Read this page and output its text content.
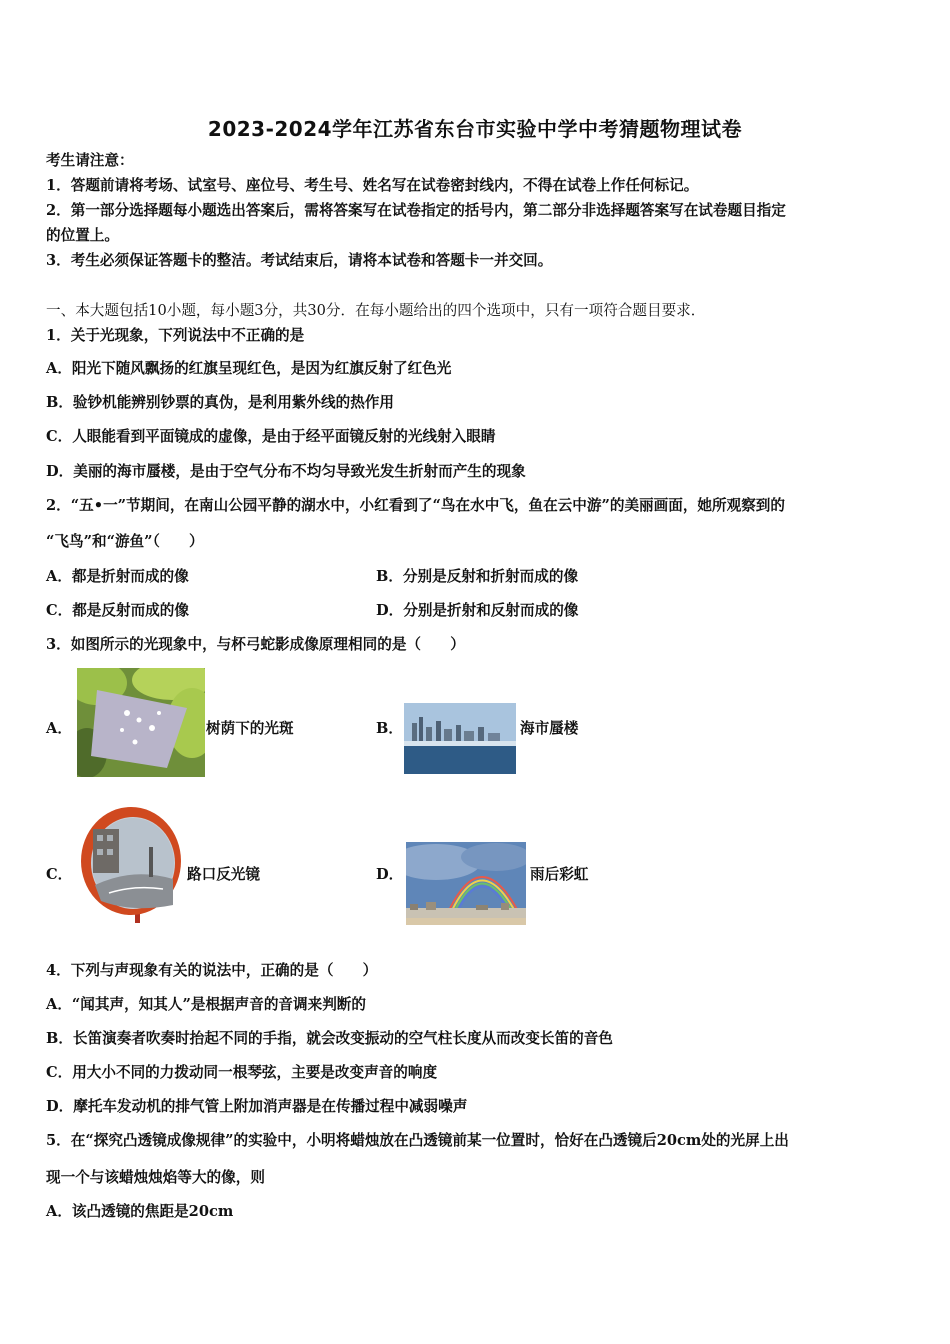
2023-2024学年江苏省东台市实验中学中考猜题物理试卷
考生请注意：
1．答题前请将考场、试室号、座位号、考生号、姓名写在试卷密封线内，不得在试卷上作任何标记。
2．第一部分选择题每小题选出答案后，需将答案写在试卷指定的括号内，第二部分非选择题答案写在试卷题目指定
的位置上。
3．考生必须保证答题卡的整洁。考试结束后，请将本试卷和答题卡一并交回。
一、本大题包括10小题，每小题3分，共30分．在每小题给出的四个选项中，只有一项符合题目要求．
1．关于光现象，下列说法中不正确的是
A．阳光下随风飘扬的红旗呈现红色，是因为红旗反射了红色光
B．验钞机能辨别钞票的真伪，是利用紫外线的热作用
C．人眼能看到平面镜成的虚像，是由于经平面镜反射的光线射入眼睛
D．美丽的海市蜃楼，是由于空气分布不均匀导致光发生折射而产生的现象
2．“五•一”节期间，在南山公园平静的湖水中，小红看到了“鸟在水中飞，鱼在云中游”的美丽画面，她所观察到的
“飞鸟”和“游鱼”（　　）
A．都是折射而成的像	B．分别是反射和折射而成的像
C．都是反射而成的像	D．分别是折射和反射而成的像
3．如图所示的光现象中，与杯弓蛇影成像原理相同的是（　　）
A．	树荫下的光斑	B．	海市蜃楼
C．	路口反光镜	D．	雨后彩虹
4．下列与声现象有关的说法中，正确的是（　　）
A．“闻其声，知其人”是根据声音的音调来判断的
B．长笛演奏者吹奏时抬起不同的手指，就会改变振动的空气柱长度从而改变长笛的音色
C．用大小不同的力拨动同一根琴弦，主要是改变声音的响度
D．摩托车发动机的排气管上附加消声器是在传播过程中减弱噪声
5．在“探究凸透镜成像规律”的实验中，小明将蜡烛放在凸透镜前某一位置时，恰好在凸透镜后20cm处的光屏上出
现一个与该蜡烛烛焰等大的像，则
A．该凸透镜的焦距是20cm
